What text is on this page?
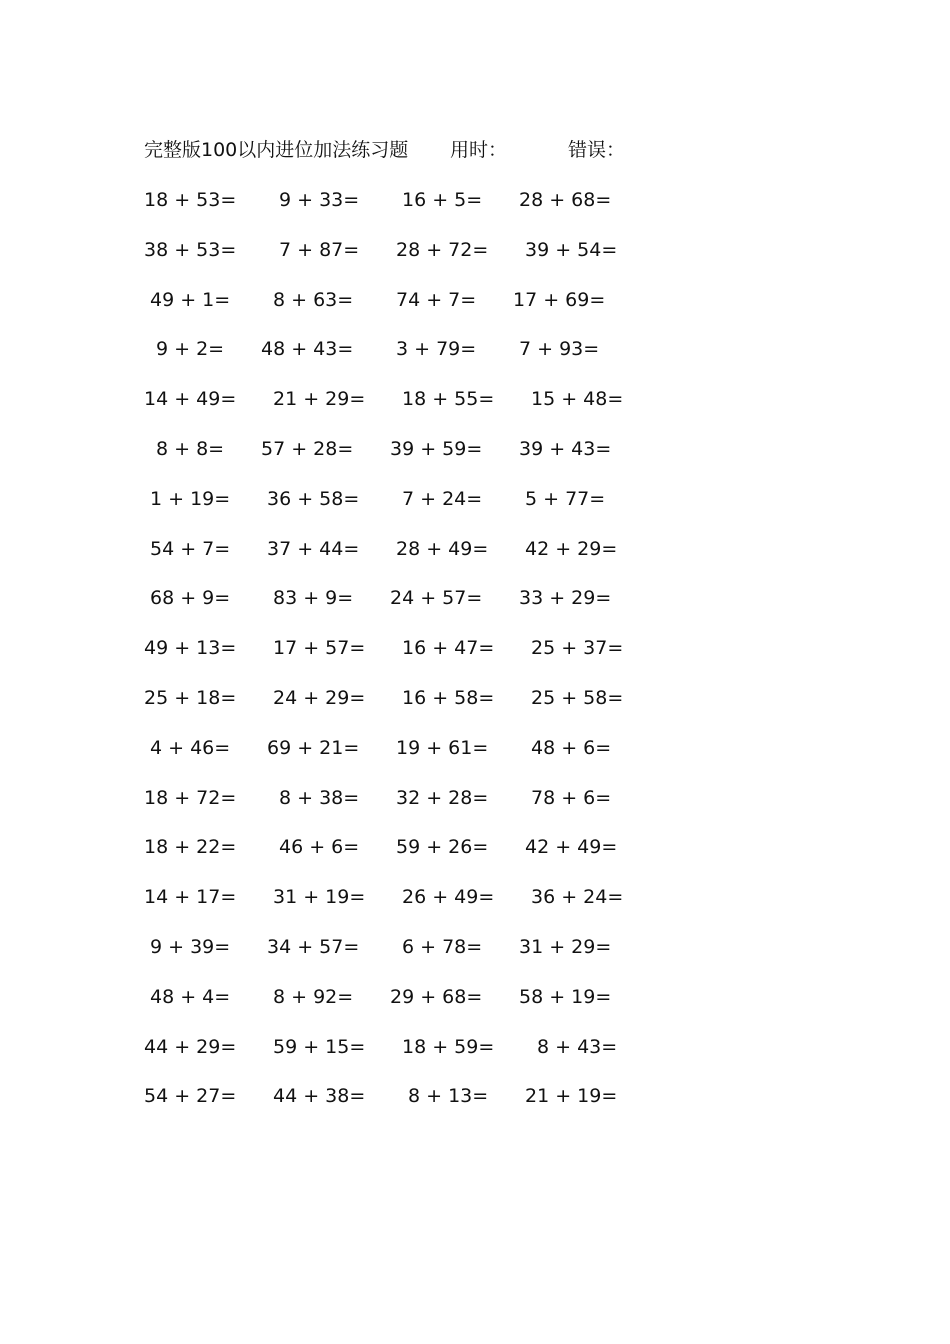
完整版100以内进位加法练习题 用时：	错误：
18 + 53= 9 + 33= 16 + 5= 28 + 68=
38 + 53= 7 + 87= 28 + 72= 39 + 54=
49 + 1= 8 + 63= 74 + 7= 17 + 69=
9 + 2= 48 + 43= 3 + 79= 7 + 93=
14 + 49= 21 + 29= 18 + 55= 15 + 48=
8 + 8= 57 + 28= 39 + 59= 39 + 43=
1 + 19= 36 + 58= 7 + 24= 5 + 77=
54 + 7= 37 + 44= 28 + 49= 42 + 29=
68 + 9= 83 + 9= 24 + 57= 33 + 29=
49 + 13= 17 + 57= 16 + 47= 25 + 37=
25 + 18= 24 + 29= 16 + 58= 25 + 58=
4 + 46= 69 + 21= 19 + 61= 48 + 6=
18 + 72= 8 + 38= 32 + 28= 78 + 6=
18 + 22= 46 + 6= 59 + 26= 42 + 49=
14 + 17= 31 + 19= 26 + 49= 36 + 24=
9 + 39= 34 + 57= 6 + 78= 31 + 29=
48 + 4= 8 + 92= 29 + 68= 58 + 19=
44 + 29= 59 + 15= 18 + 59= 8 + 43=
54 + 27= 44 + 38= 8 + 13= 21 + 19=
